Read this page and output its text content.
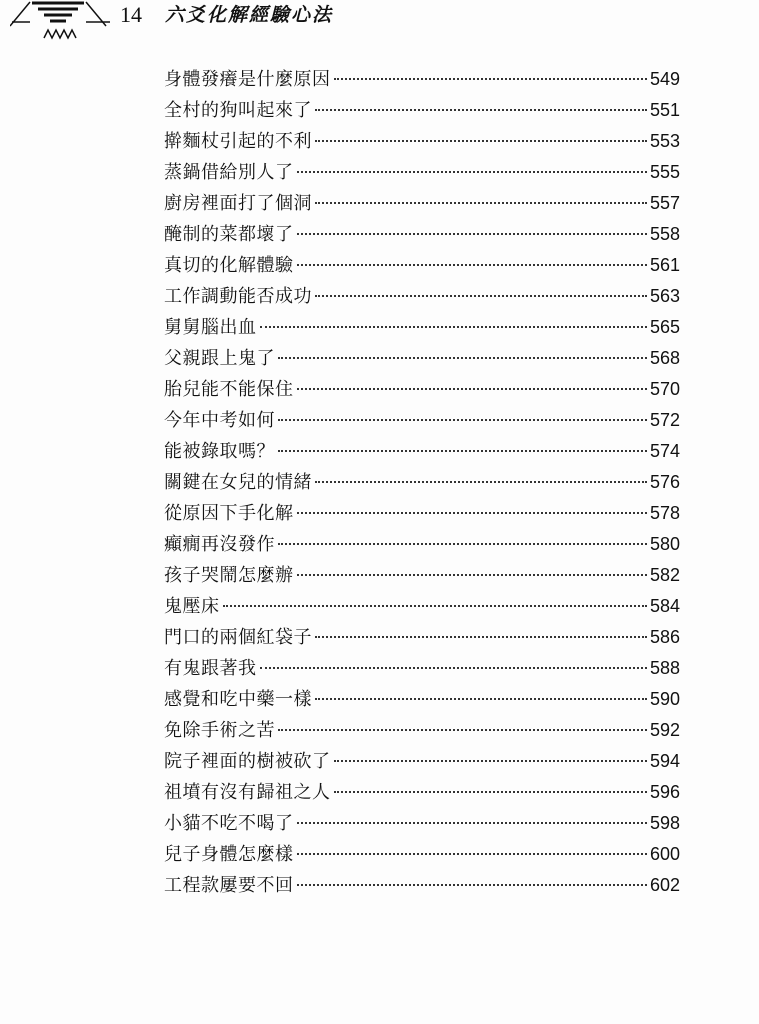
14 六爻化解經驗心法
身體發癢是什麼原因	549
全村的狗叫起來了	551
擀麵杖引起的不利	553
蒸鍋借給別人了	555
廚房裡面打了個洞	557
醃制的菜都壞了	558
真切的化解體驗	561
工作調動能否成功	563
舅舅腦出血	565
父親跟上鬼了	568
胎兒能不能保住	570
今年中考如何	572
能被錄取嗎？	574
關鍵在女兒的情緒	576
從原因下手化解	578
癲癇再沒發作	580
孩子哭鬧怎麼辦	582
鬼壓床	584
門口的兩個紅袋子	586
有鬼跟著我	588
感覺和吃中藥一樣	590
免除手術之苦	592
院子裡面的樹被砍了	594
祖墳有沒有歸祖之人	596
小貓不吃不喝了	598
兒子身體怎麼樣	600
工程款屢要不回	602
